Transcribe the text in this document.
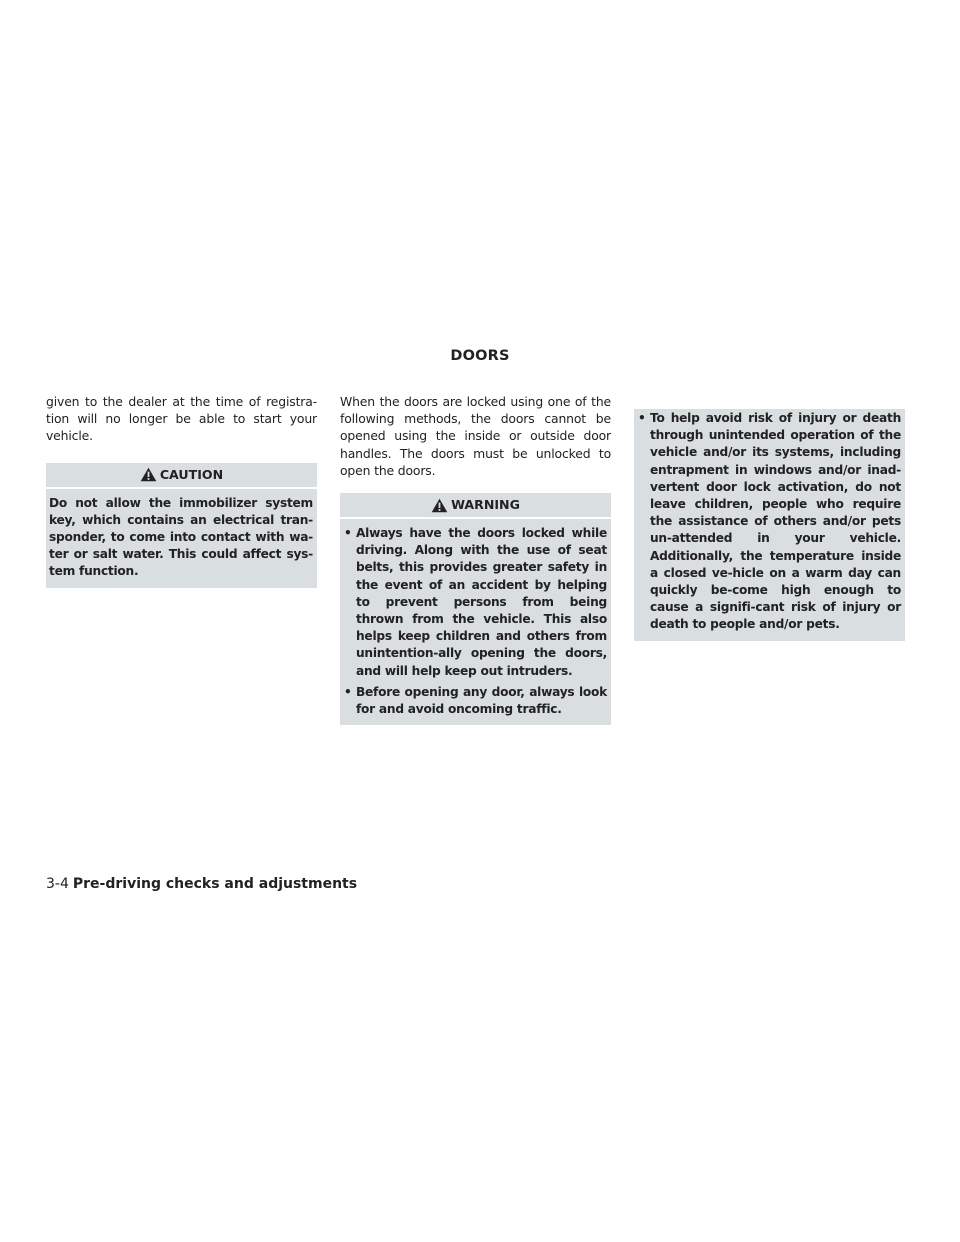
DOORS

given to the dealer at the time of registra-tion will no longer be able to start your vehicle.

CAUTION
Do not allow the immobilizer system key, which contains an electrical tran-sponder, to come into contact with wa-ter or salt water. This could affect sys-tem function.

When the doors are locked using one of the following methods, the doors cannot be opened using the inside or outside door handles. The doors must be unlocked to open the doors.

WARNING
• Always have the doors locked while driving. Along with the use of seat belts, this provides greater safety in the event of an accident by helping to prevent persons from being thrown from the vehicle. This also helps keep children and others from unintention-ally opening the doors, and will help keep out intruders.
• Before opening any door, always look for and avoid oncoming traffic.
• To help avoid risk of injury or death through unintended operation of the vehicle and/or its systems, including entrapment in windows and/or inad-vertent door lock activation, do not leave children, people who require the assistance of others and/or pets un-attended in your vehicle. Additionally, the temperature inside a closed ve-hicle on a warm day can quickly be-come high enough to cause a signifi-cant risk of injury or death to people and/or pets.
3-4 Pre-driving checks and adjustments
